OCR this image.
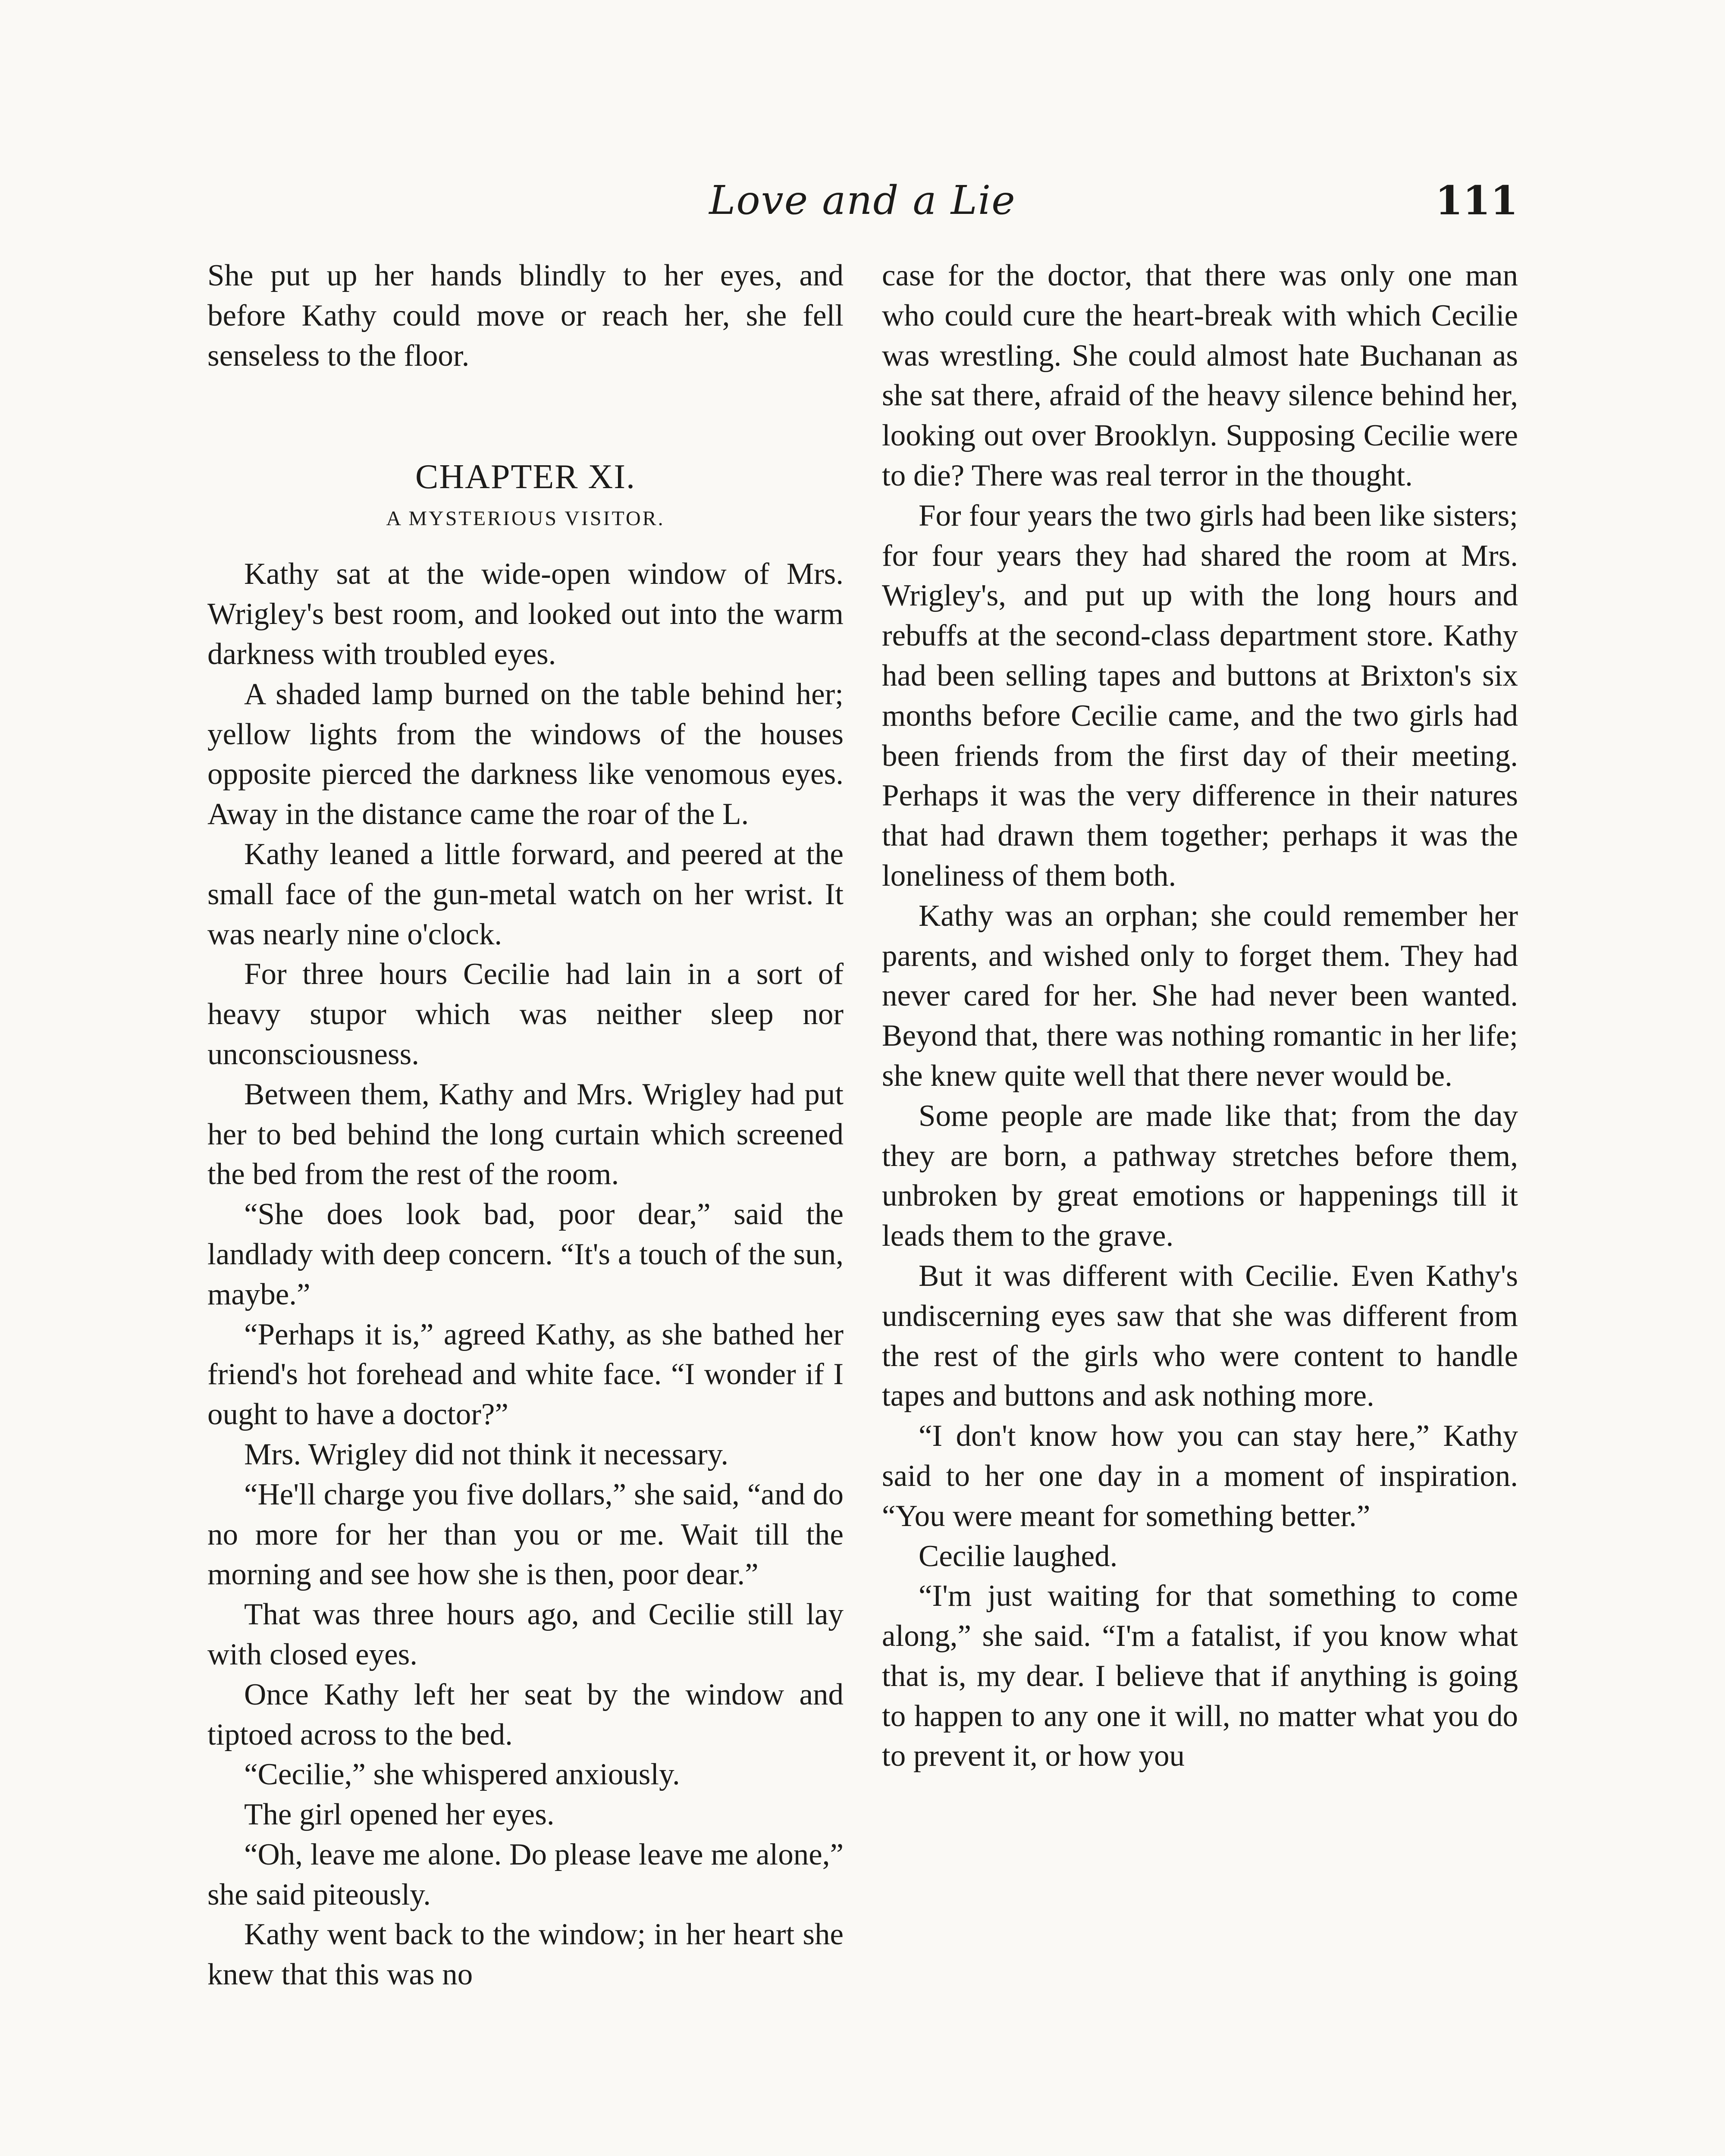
Love and a Lie	111

She put up her hands blindly to her eyes, and before Kathy could move or reach her, she fell senseless to the floor.

CHAPTER XI.
A MYSTERIOUS VISITOR.

Kathy sat at the wide-open window of Mrs. Wrigley's best room, and looked out into the warm darkness with troubled eyes.

A shaded lamp burned on the table behind her; yellow lights from the windows of the houses opposite pierced the darkness like venomous eyes. Away in the distance came the roar of the L.

Kathy leaned a little forward, and peered at the small face of the gun-metal watch on her wrist. It was nearly nine o'clock.

For three hours Cecilie had lain in a sort of heavy stupor which was neither sleep nor unconsciousness.

Between them, Kathy and Mrs. Wrigley had put her to bed behind the long curtain which screened the bed from the rest of the room.

“She does look bad, poor dear,” said the landlady with deep concern. “It's a touch of the sun, maybe.”

“Perhaps it is,” agreed Kathy, as she bathed her friend's hot forehead and white face. “I wonder if I ought to have a doctor?”

Mrs. Wrigley did not think it necessary.

“He'll charge you five dollars,” she said, “and do no more for her than you or me. Wait till the morning and see how she is then, poor dear.”

That was three hours ago, and Cecilie still lay with closed eyes.

Once Kathy left her seat by the window and tiptoed across to the bed.

“Cecilie,” she whispered anxiously.

The girl opened her eyes.

“Oh, leave me alone. Do please leave me alone,” she said piteously.

Kathy went back to the window; in her heart she knew that this was no

case for the doctor, that there was only one man who could cure the heart-break with which Cecilie was wrestling. She could almost hate Buchanan as she sat there, afraid of the heavy silence behind her, looking out over Brooklyn. Supposing Cecilie were to die? There was real terror in the thought.

For four years the two girls had been like sisters; for four years they had shared the room at Mrs. Wrigley's, and put up with the long hours and rebuffs at the second-class department store. Kathy had been selling tapes and buttons at Brixton's six months before Cecilie came, and the two girls had been friends from the first day of their meeting. Perhaps it was the very difference in their natures that had drawn them together; perhaps it was the loneliness of them both.

Kathy was an orphan; she could remember her parents, and wished only to forget them. They had never cared for her. She had never been wanted. Beyond that, there was nothing romantic in her life; she knew quite well that there never would be.

Some people are made like that; from the day they are born, a pathway stretches before them, unbroken by great emotions or happenings till it leads them to the grave.

But it was different with Cecilie. Even Kathy's undiscerning eyes saw that she was different from the rest of the girls who were content to handle tapes and buttons and ask nothing more.

“I don't know how you can stay here,” Kathy said to her one day in a moment of inspiration. “You were meant for something better.”

Cecilie laughed.

“I'm just waiting for that something to come along,” she said. “I'm a fatalist, if you know what that is, my dear. I believe that if anything is going to happen to any one it will, no matter what you do to prevent it, or how you
